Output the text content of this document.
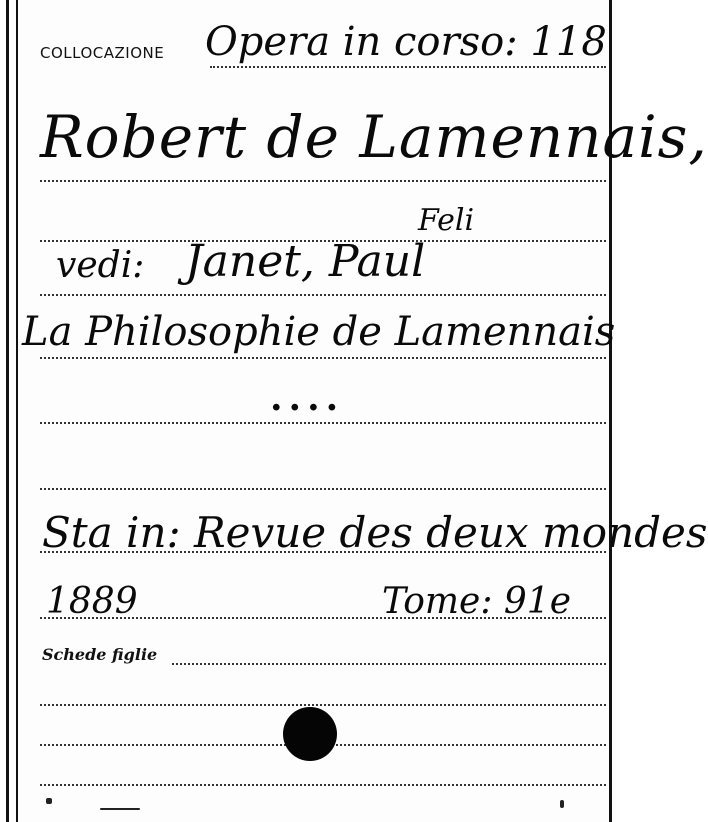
COLLOCAZIONE
Schede figlie
Opera in corso: 118
Robert de Lamennais,
Feli
vedi: Janet, Paul
La Philosophie de Lamennais
....
Sta in: Revue des deux mondes
1889	Tome: 91e
